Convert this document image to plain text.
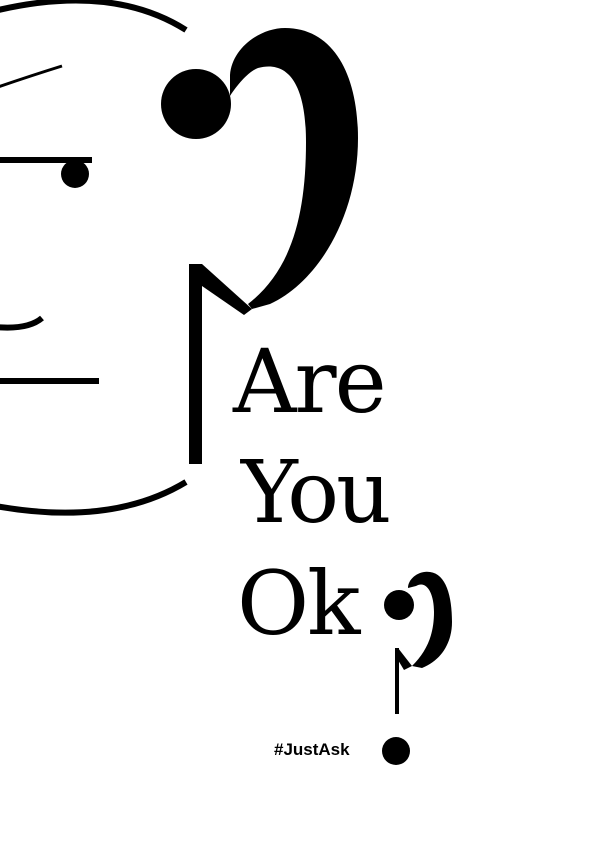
Are
You
Ok

#JustAsk
